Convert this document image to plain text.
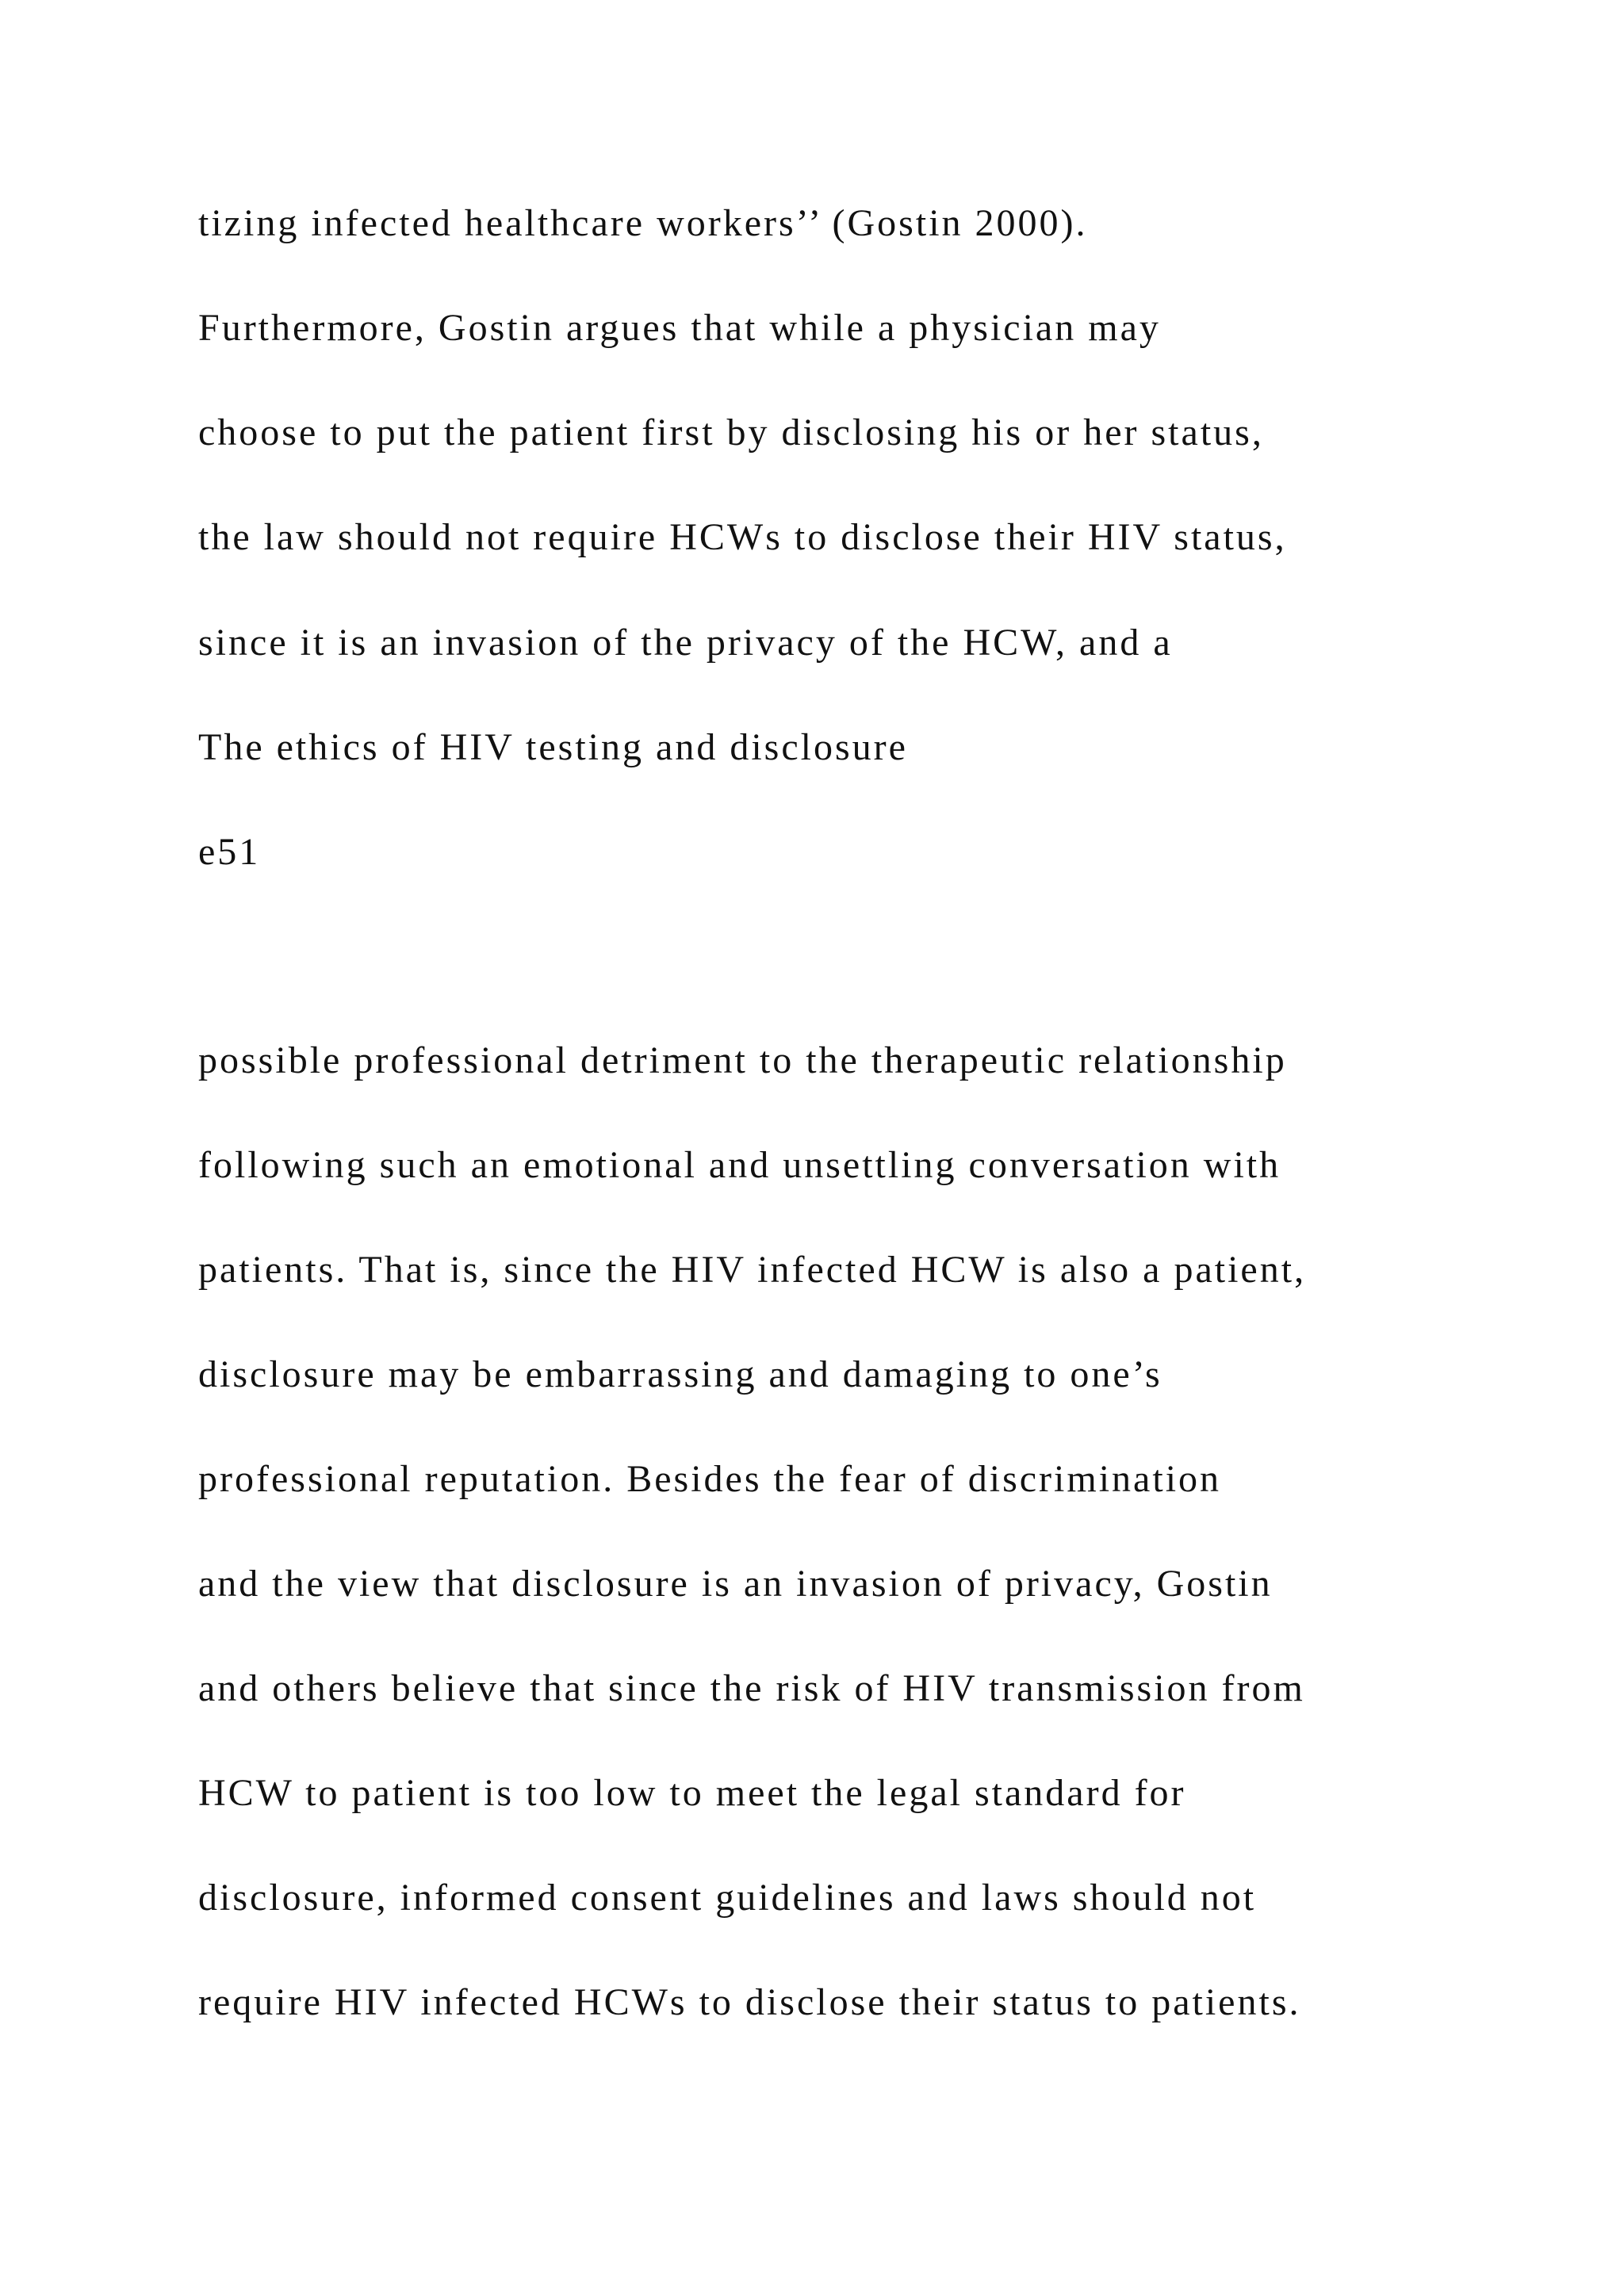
tizing infected healthcare workers’’ (Gostin 2000).

Furthermore, Gostin argues that while a physician may

choose to put the patient first by disclosing his or her status,

the law should not require HCWs to disclose their HIV status,

since it is an invasion of the privacy of the HCW, and a

The ethics of HIV testing and disclosure

e51

possible professional detriment to the therapeutic relationship

following such an emotional and unsettling conversation with

patients. That is, since the HIV infected HCW is also a patient,

disclosure may be embarrassing and damaging to one’s

professional reputation. Besides the fear of discrimination

and the view that disclosure is an invasion of privacy, Gostin

and others believe that since the risk of HIV transmission from

HCW to patient is too low to meet the legal standard for

disclosure, informed consent guidelines and laws should not

require HIV infected HCWs to disclose their status to patients.
